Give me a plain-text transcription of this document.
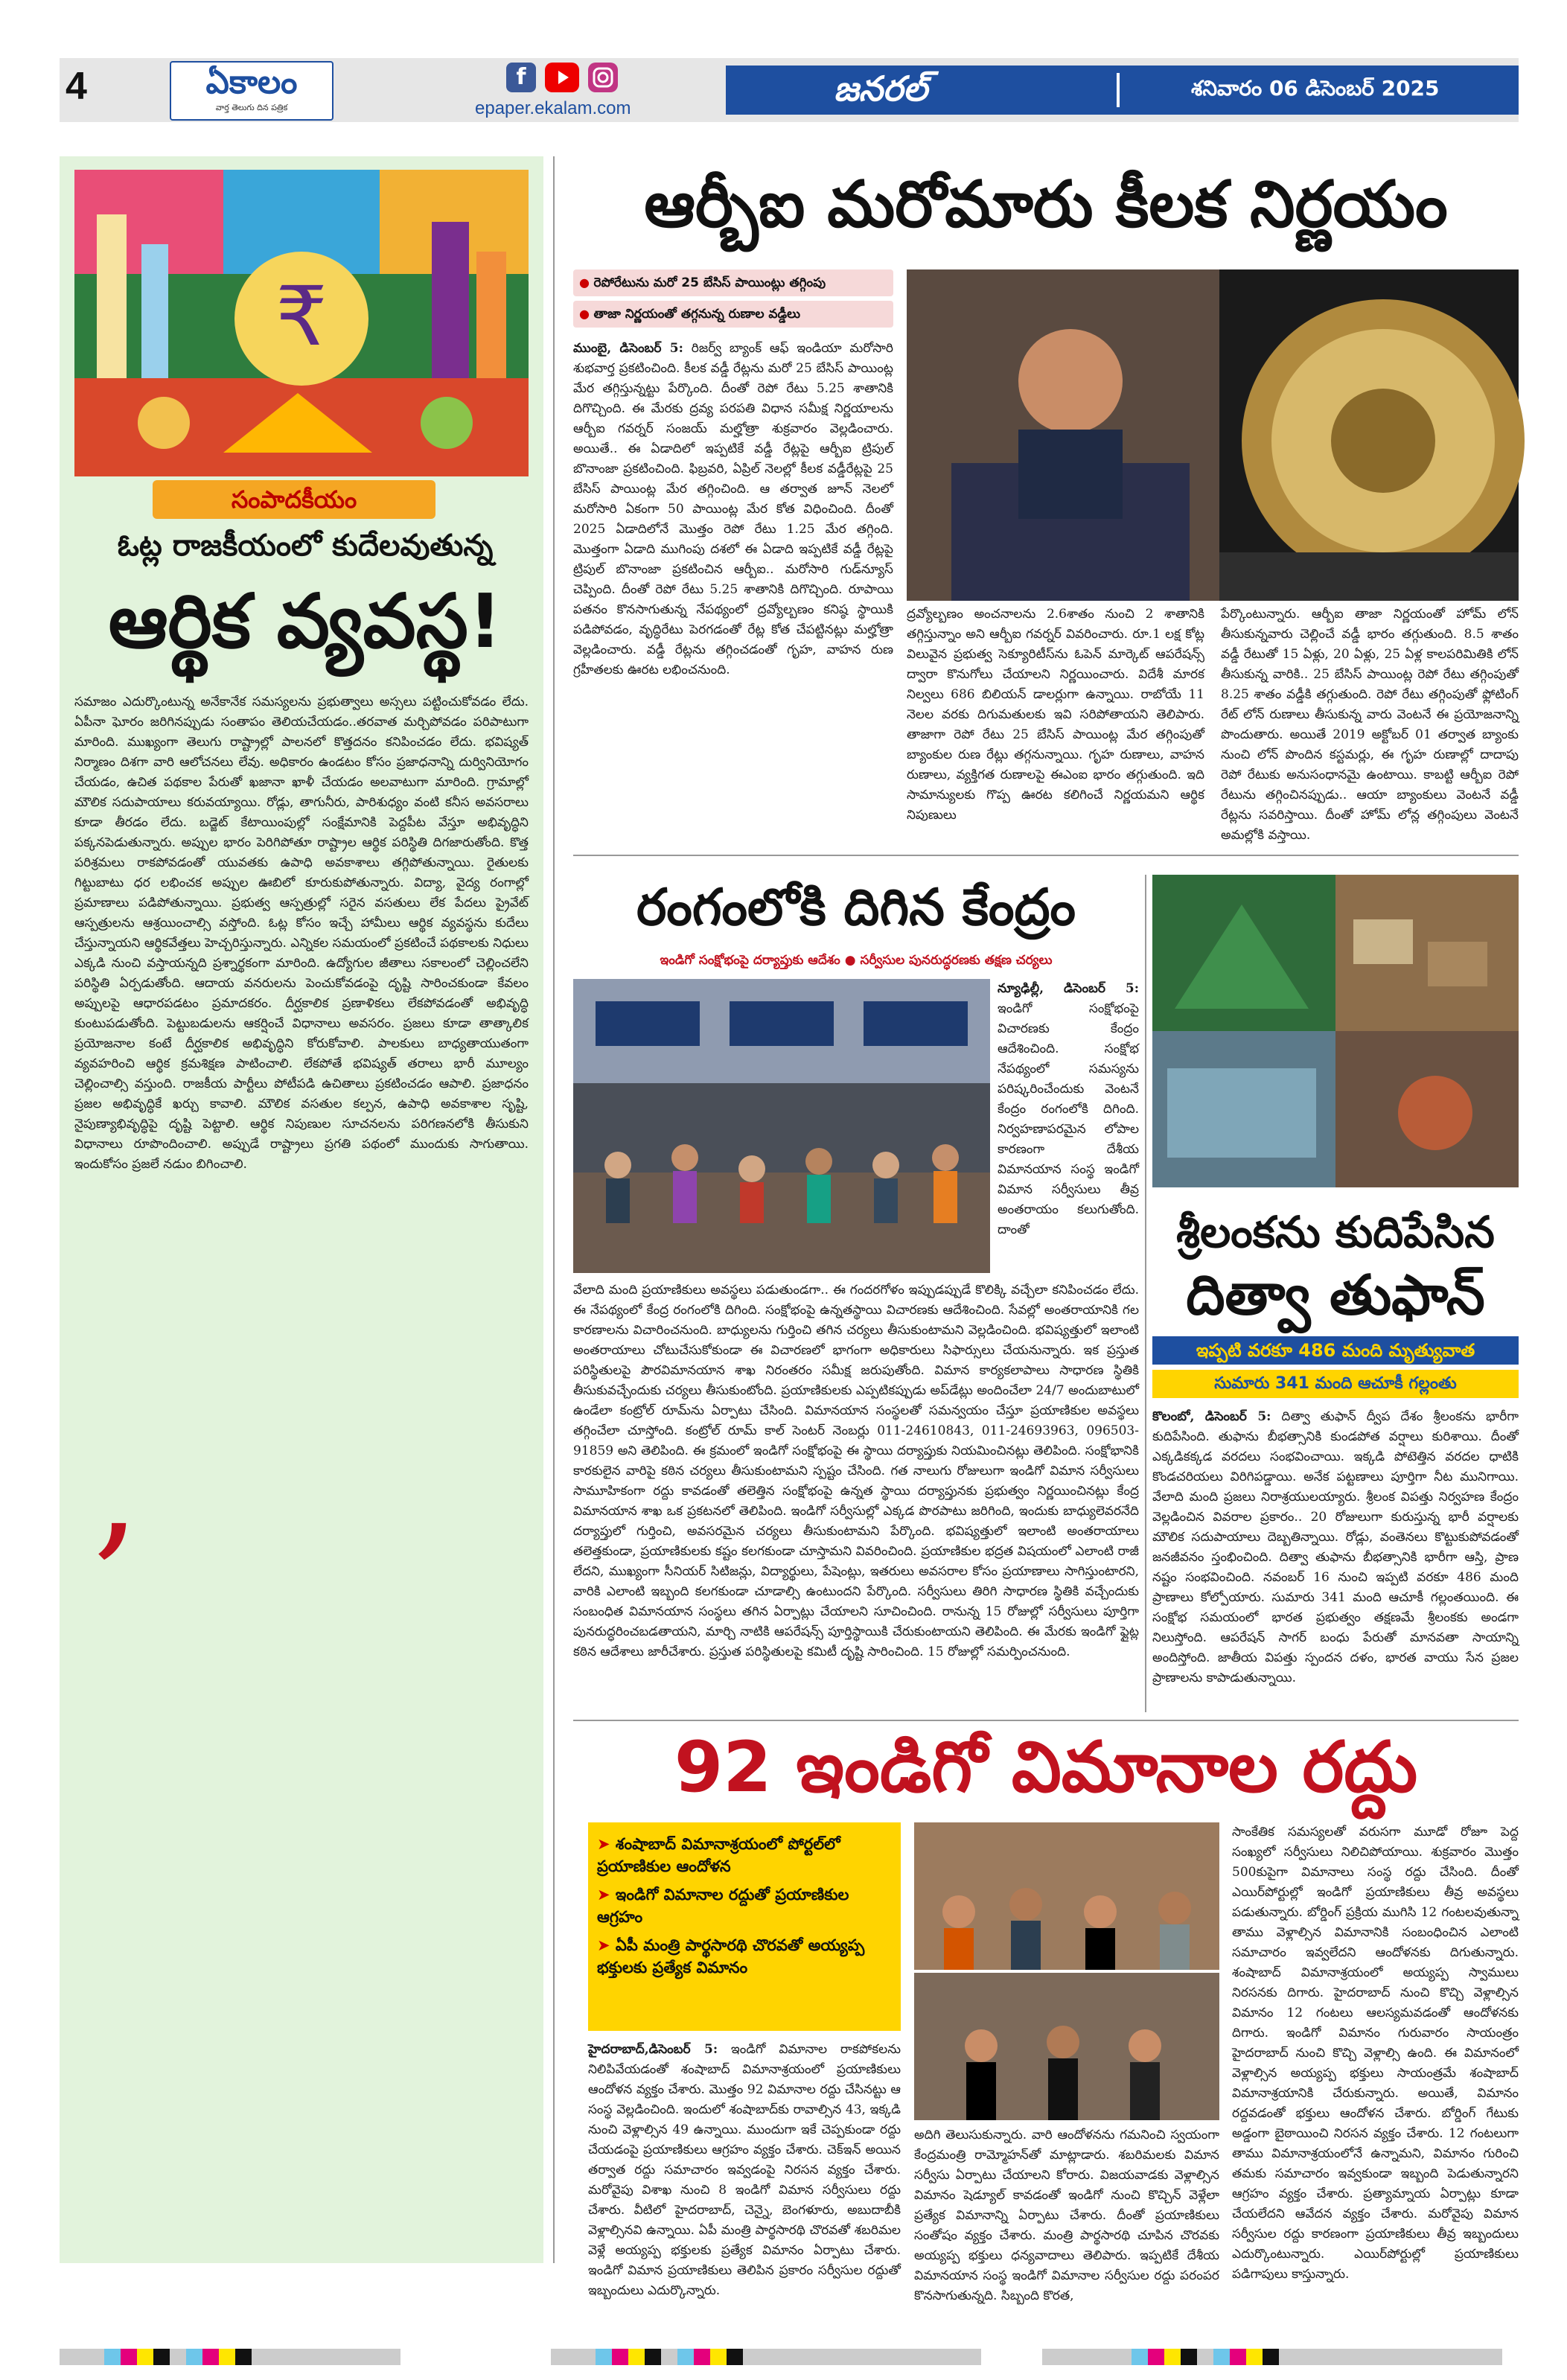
4	ఏకాలం
వార్త తెలుగు దిన పత్రిక
f
epaper.ekalam.com	జనరల్	శనివారం 06 డిసెంబర్ 2025
₹
సంపాదకీయం
ఓట్ల రాజకీయంలో కుదేలవుతున్న
ఆర్థిక వ్యవస్థ!
సమాజం ఎదుర్కొంటున్న అనేకానేక సమస్యలను ప్రభుత్వాలు అస్సలు పట్టించుకోవడం లేదు. ఏపీనా ఘోరం జరిగినప్పుడు సంతాపం తెలియచేయడం..తరవాత మర్చిపోవడం పరిపాటుగా మారింది. ముఖ్యంగా తెలుగు రాష్ట్రాల్లో పాలనలో కొత్తదనం కనిపించడం లేదు. భవిష్యత్ నిర్మాణం దిశగా వారి ఆలోచనలు లేవు. అధికారం ఉండటం కోసం ప్రజాధనాన్ని దుర్వినియోగం చేయడం, ఉచిత పథకాల పేరుతో ఖజానా ఖాళీ చేయడం అలవాటుగా మారింది. గ్రామాల్లో మౌలిక సదుపాయాలు కరువయ్యాయి. రోడ్లు, తాగునీరు, పారిశుధ్యం వంటి కనీస అవసరాలు కూడా తీరడం లేదు. బడ్జెట్ కేటాయింపుల్లో సంక్షేమానికి పెద్దపీట వేస్తూ అభివృద్ధిని పక్కనపెడుతున్నారు. అప్పుల భారం పెరిగిపోతూ రాష్ట్రాల ఆర్థిక పరిస్థితి దిగజారుతోంది. కొత్త పరిశ్రమలు రాకపోవడంతో యువతకు ఉపాధి అవకాశాలు తగ్గిపోతున్నాయి. రైతులకు గిట్టుబాటు ధర లభించక అప్పుల ఊబిలో కూరుకుపోతున్నారు. విద్యా, వైద్య రంగాల్లో ప్రమాణాలు పడిపోతున్నాయి. ప్రభుత్వ ఆస్పత్రుల్లో సరైన వసతులు లేక పేదలు ప్రైవేట్ ఆస్పత్రులను ఆశ్రయించాల్సి వస్తోంది. ఓట్ల కోసం ఇచ్చే హామీలు ఆర్థిక వ్యవస్థను కుదేలు చేస్తున్నాయని ఆర్థికవేత్తలు హెచ్చరిస్తున్నారు. ఎన్నికల సమయంలో ప్రకటించే పథకాలకు నిధులు ఎక్కడి నుంచి వస్తాయన్నది ప్రశ్నార్థకంగా మారింది. ఉద్యోగుల జీతాలు సకాలంలో చెల్లించలేని పరిస్థితి ఏర్పడుతోంది. ఆదాయ వనరులను పెంచుకోవడంపై దృష్టి సారించకుండా కేవలం అప్పులపై ఆధారపడటం ప్రమాదకరం. దీర్ఘకాలిక ప్రణాళికలు లేకపోవడంతో అభివృద్ధి కుంటుపడుతోంది. పెట్టుబడులను ఆకర్షించే విధానాలు అవసరం. ప్రజలు కూడా తాత్కాలిక ప్రయోజనాల కంటే దీర్ఘకాలిక అభివృద్ధిని కోరుకోవాలి. పాలకులు బాధ్యతాయుతంగా వ్యవహరించి ఆర్థిక క్రమశిక్షణ పాటించాలి. లేకపోతే భవిష్యత్ తరాలు భారీ మూల్యం చెల్లించాల్సి వస్తుంది. రాజకీయ పార్టీలు పోటీపడి ఉచితాలు ప్రకటించడం ఆపాలి. ప్రజాధనం ప్రజల అభివృద్ధికే ఖర్చు కావాలి. మౌలిక వసతుల కల్పన, ఉపాధి అవకాశాల సృష్టి, నైపుణ్యాభివృద్ధిపై దృష్టి పెట్టాలి. ఆర్థిక నిపుణుల సూచనలను పరిగణనలోకి తీసుకుని విధానాలు రూపొందించాలి. అప్పుడే రాష్ట్రాలు ప్రగతి పథంలో ముందుకు సాగుతాయి. ఇందుకోసం ప్రజలే నడుం బిగించాలి.
,
ఆర్బీఐ మరోమారు కీలక నిర్ణయం
● రెపోరేటును మరో 25 బేసిస్ పాయింట్లు తగ్గింపు
● తాజా నిర్ణయంతో తగ్గనున్న రుణాల వడ్డీలు
ముంబై, డిసెంబర్ 5: రిజర్వ్ బ్యాంక్ ఆఫ్ ఇండియా మరోసారి శుభవార్త ప్రకటించింది. కీలక వడ్డీ రేట్లను మరో 25 బేసిస్ పాయింట్ల మేర తగ్గిస్తున్నట్టు పేర్కొంది. దీంతో రెపో రేటు 5.25 శాతానికి దిగొచ్చింది. ఈ మేరకు ద్రవ్య పరపతి విధాన సమీక్ష నిర్ణయాలను ఆర్బీఐ గవర్నర్ సంజయ్ మల్హోత్రా శుక్రవారం వెల్లడించారు. అయితే.. ఈ ఏడాదిలో ఇప్పటికే వడ్డీ రేట్లపై ఆర్బీఐ ట్రిపుల్ బొనాంజా ప్రకటించింది. ఫిబ్రవరి, ఏప్రిల్ నెలల్లో కీలక వడ్డీరేట్లపై 25 బేసిస్ పాయింట్ల మేర తగ్గించింది. ఆ తర్వాత జూన్ నెలలో మరోసారి ఏకంగా 50 పాయింట్ల మేర కోత విధించింది. దీంతో 2025 ఏడాదిలోనే మొత్తం రెపో రేటు 1.25 మేర తగ్గింది. మొత్తంగా ఏడాది ముగింపు దశలో ఈ ఏడాది ఇప్పటికే వడ్డీ రేట్లపై ట్రిపుల్ బొనాంజా ప్రకటించిన ఆర్బీఐ.. మరోసారి గుడ్‌న్యూస్ చెప్పింది. దీంతో రెపో రేటు 5.25 శాతానికి దిగొచ్చింది. రూపాయి పతనం కొనసాగుతున్న నేపథ్యంలో ద్రవ్యోల్బణం కనిష్ఠ స్థాయికి పడిపోవడం, వృద్ధిరేటు పెరగడంతో రేట్ల కోత చేపట్టినట్లు మల్హోత్రా వెల్లడించారు. వడ్డీ రేట్లను తగ్గించడంతో గృహ, వాహన రుణ గ్రహీతలకు ఊరట లభించనుంది.
ద్రవ్యోల్బణం అంచనాలను 2.6శాతం నుంచి 2 శాతానికి తగ్గిస్తున్నాం అని ఆర్బీఐ గవర్నర్ వివరించారు. రూ.1 లక్ష కోట్ల విలువైన ప్రభుత్వ సెక్యూరిటీస్‌ను ఓపెన్ మార్కెట్ ఆపరేషన్స్ ద్వారా కొనుగోలు చేయాలని నిర్ణయించారు. విదేశీ మారక నిల్వలు 686 బిలియన్ డాలర్లుగా ఉన్నాయి. రాబోయే 11 నెలల వరకు దిగుమతులకు ఇవి సరిపోతాయని తెలిపారు. తాజాగా రెపో రేటు 25 బేసిస్ పాయింట్ల మేర తగ్గింపుతో బ్యాంకుల రుణ రేట్లు తగ్గనున్నాయి. గృహ రుణాలు, వాహన రుణాలు, వ్యక్తిగత రుణాలపై ఈఎంఐ భారం తగ్గుతుంది. ఇది సామాన్యులకు గొప్ప ఊరట కలిగించే నిర్ణయమని ఆర్థిక నిపుణులు
పేర్కొంటున్నారు. ఆర్బీఐ తాజా నిర్ణయంతో హోమ్ లోన్ తీసుకున్నవారు చెల్లించే వడ్డీ భారం తగ్గుతుంది. 8.5 శాతం వడ్డీ రేటుతో 15 ఏళ్లు, 20 ఏళ్లు, 25 ఏళ్ల కాలపరిమితికి లోన్ తీసుకున్న వారికి.. 25 బేసిస్ పాయింట్ల రెపో రేటు తగ్గింపుతో 8.25 శాతం వడ్డీకి తగ్గుతుంది. రెపో రేటు తగ్గింపుతో ఫ్లోటింగ్ రేట్ లోన్ రుణాలు తీసుకున్న వారు వెంటనే ఈ ప్రయోజనాన్ని పొందుతారు. అయితే 2019 అక్టోబర్ 01 తర్వాత బ్యాంకు నుంచి లోన్ పొందిన కస్టమర్లు, ఈ గృహ రుణాల్లో దాదాపు రెపో రేటుకు అనుసంధానమై ఉంటాయి. కాబట్టి ఆర్బీఐ రెపో రేటును తగ్గించినప్పుడు.. ఆయా బ్యాంకులు వెంటనే వడ్డీ రేట్లను సవరిస్తాయి. దీంతో హోమ్ లోన్ల తగ్గింపులు వెంటనే అమల్లోకి వస్తాయి.
రంగంలోకి దిగిన కేంద్రం
ఇండిగో సంక్షోభంపై దర్యాప్తుకు ఆదేశం ● సర్వీసుల పునరుద్ధరణకు తక్షణ చర్యలు
న్యూఢిల్లీ, డిసెంబర్ 5: ఇండిగో సంక్షోభంపై విచారణకు కేంద్రం ఆదేశించింది. సంక్షోభ నేపథ్యంలో సమస్యను పరిష్కరించేందుకు వెంటనే కేంద్రం రంగంలోకి దిగింది. నిర్వహణాపరమైన లోపాల కారణంగా దేశీయ విమానయాన సంస్థ ఇండిగో విమాన సర్వీసులు తీవ్ర అంతరాయం కలుగుతోంది. దాంతో
వేలాది మంది ప్రయాణికులు అవస్థలు పడుతుండగా.. ఈ గందరగోళం ఇప్పుడప్పుడే కొలిక్కి వచ్చేలా కనిపించడం లేదు. ఈ నేపథ్యంలో కేంద్ర రంగంలోకి దిగింది. సంక్షోభంపై ఉన్నతస్థాయి విచారణకు ఆదేశించింది. సేవల్లో అంతరాయానికి గల కారణాలను విచారించనుంది. బాధ్యులను గుర్తించి తగిన చర్యలు తీసుకుంటామని వెల్లడించింది. భవిష్యత్తులో ఇలాంటి అంతరాయాలు చోటుచేసుకోకుండా ఈ విచారణలో భాగంగా అధికారులు సిఫార్సులు చేయనున్నారు. ఇక ప్రస్తుత పరిస్థితులపై పౌరవిమానయాన శాఖ నిరంతరం సమీక్ష జరుపుతోంది. విమాన కార్యకలాపాలు సాధారణ స్థితికి తీసుకువచ్చేందుకు చర్యలు తీసుకుంటోంది. ప్రయాణికులకు ఎప్పటికప్పుడు అప్‌డేట్లు అందించేలా 24/7 అందుబాటులో ఉండేలా కంట్రోల్ రూమ్‌ను ఏర్పాటు చేసింది. విమానయాన సంస్థలతో సమన్వయం చేస్తూ ప్రయాణికుల అవస్థలు తగ్గించేలా చూస్తోంది. కంట్రోల్ రూమ్ కాల్ సెంటర్ నెంబర్లు 011-24610843, 011-24693963, 096503-91859 అని తెలిపింది. ఈ క్రమంలో ఇండిగో సంక్షోభంపై ఈ స్థాయి దర్యాప్తుకు నియమించినట్లు తెలిపింది. సంక్షోభానికి కారకులైన వారిపై కఠిన చర్యలు తీసుకుంటామని స్పష్టం చేసింది. గత నాలుగు రోజులుగా ఇండిగో విమాన సర్వీసులు సామూహికంగా రద్దు కావడంతో తలెత్తిన సంక్షోభంపై ఉన్నత స్థాయి దర్యాప్తునకు ప్రభుత్వం నిర్ణయించినట్లు కేంద్ర విమానయాన శాఖ ఒక ప్రకటనలో తెలిపింది. ఇండిగో సర్వీసుల్లో ఎక్కడ పొరపాటు జరిగింది, ఇందుకు బాధ్యులెవరనేది దర్యాప్తులో గుర్తించి, అవసరమైన చర్యలు తీసుకుంటామని పేర్కొంది. భవిష్యత్తులో ఇలాంటి అంతరాయాలు తలెత్తకుండా, ప్రయాణికులకు కష్టం కలగకుండా చూస్తామని వివరించింది. ప్రయాణికుల భద్రత విషయంలో ఎలాంటి రాజీ లేదని, ముఖ్యంగా సీనియర్ సిటిజన్లు, విద్యార్థులు, పేషెంట్లు, ఇతరులు అవసరాల కోసం ప్రయాణాలు సాగిస్తుంటారని, వారికి ఎలాంటి ఇబ్బంది కలగకుండా చూడాల్సి ఉంటుందని పేర్కొంది. సర్వీసులు తిరిగి సాధారణ స్థితికి వచ్చేందుకు సంబంధిత విమానయాన సంస్థలు తగిన ఏర్పాట్లు చేయాలని సూచించింది. రానున్న 15 రోజుల్లో సర్వీసులు పూర్తిగా పునరుద్ధరించబడతాయని, మార్చి నాటికి ఆపరేషన్స్ పూర్తిస్థాయికి చేరుకుంటాయని తెలిపింది. ఈ మేరకు ఇండిగో ఫ్లైట్ల కఠిన ఆదేశాలు జారీచేశారు. ప్రస్తుత పరిస్థితులపై కమిటీ దృష్టి సారించింది. 15 రోజుల్లో సమర్పించనుంది.
శ్రీలంకను కుదిపేసిన
దిత్వా తుఫాన్
ఇప్పటి వరకూ 486 మంది మృత్యువాత
సుమారు 341 మంది ఆచూకీ గల్లంతు
కొలంబో, డిసెంబర్ 5: దిత్వా తుఫాన్ ద్వీప దేశం శ్రీలంకను భారీగా కుదిపేసింది. తుఫాను బీభత్సానికి కుండపోత వర్షాలు కురిశాయి. దీంతో ఎక్కడికక్కడ వరదలు సంభవించాయి. ఇక్కడి పోటెత్తిన వరదల ధాటికి కొండచరియలు విరిగిపడ్డాయి. అనేక పట్టణాలు పూర్తిగా నీట మునిగాయి. వేలాది మంది ప్రజలు నిరాశ్రయులయ్యారు. శ్రీలంక విపత్తు నిర్వహణ కేంద్రం వెల్లడించిన వివరాల ప్రకారం.. 20 రోజులుగా కురుస్తున్న భారీ వర్షాలకు మౌలిక సదుపాయాలు దెబ్బతిన్నాయి. రోడ్లు, వంతెనలు కొట్టుకుపోవడంతో జనజీవనం స్తంభించింది. దిత్వా తుఫాను బీభత్సానికి భారీగా ఆస్తి, ప్రాణ నష్టం సంభవించింది. నవంబర్ 16 నుంచి ఇప్పటి వరకూ 486 మంది ప్రాణాలు కోల్పోయారు. సుమారు 341 మంది ఆచూకీ గల్లంతయింది. ఈ సంక్షోభ సమయంలో భారత ప్రభుత్వం తక్షణమే శ్రీలంకకు అండగా నిలుస్తోంది. ఆపరేషన్ సాగర్ బంధు పేరుతో మానవతా సాయాన్ని అందిస్తోంది. జాతీయ విపత్తు స్పందన దళం, భారత వాయు సేన ప్రజల ప్రాణాలను కాపాడుతున్నాయి.
92 ఇండిగో విమానాల రద్దు
➤ శంషాబాద్ విమానాశ్రయంలో పోర్టల్‌లో ప్రయాణికుల ఆందోళన
➤ ఇండిగో విమానాల రద్దుతో ప్రయాణికుల ఆగ్రహం
➤ ఏపీ మంత్రి పార్థసారథి చొరవతో అయ్యప్ప భక్తులకు ప్రత్యేక విమానం
హైదరాబాద్,డిసెంబర్ 5: ఇండిగో విమానాల రాకపోకలను నిలిపివేయడంతో శంషాబాద్ విమానాశ్రయంలో ప్రయాణికులు ఆందోళన వ్యక్తం చేశారు. మొత్తం 92 విమానాల రద్దు చేసినట్టు ఆ సంస్థ వెల్లడించింది. ఇందులో శంషాబాద్‌కు రావాల్సిన 43, ఇక్కడి నుంచి వెళ్లాల్సిన 49 ఉన్నాయి. ముందుగా ఇకే చెప్పకుండా రద్దు చేయడంపై ప్రయాణికులు ఆగ్రహం వ్యక్తం చేశారు. చెక్‌ఇన్ అయిన తర్వాత రద్దు సమాచారం ఇవ్వడంపై నిరసన వ్యక్తం చేశారు. మరోవైపు విశాఖ నుంచి 8 ఇండిగో విమాన సర్వీసులు రద్దు చేశారు. వీటిలో హైదరాబాద్, చెన్నై, బెంగళూరు, అబుదాబీకి వెళ్లాల్సినవి ఉన్నాయి. ఏపీ మంత్రి పార్థసారథి చొరవతో శబరిమల వెళ్లే అయ్యప్ప భక్తులకు ప్రత్యేక విమానం ఏర్పాటు చేశారు. ఇండిగో విమాన ప్రయాణికులు తెలిపిన ప్రకారం సర్వీసుల రద్దుతో ఇబ్బందులు ఎదుర్కొన్నారు.
అదిగి తెలుసుకున్నారు. వారి ఆందోళనను గమనించి స్వయంగా కేంద్రమంత్రి రామ్మోహన్‌తో మాట్లాడారు. శబరిమలకు విమాన సర్వీసు ఏర్పాటు చేయాలని కోరారు. విజయవాడకు వెళ్లాల్సిన విమానం షెడ్యూల్ కావడంతో ఇండిగో నుంచి కొచ్చిన్ వెళ్లేలా ప్రత్యేక విమానాన్ని ఏర్పాటు చేశారు. దీంతో ప్రయాణికులు సంతోషం వ్యక్తం చేశారు. మంత్రి పార్థసారథి చూపిన చొరవకు అయ్యప్ప భక్తులు ధన్యవాదాలు తెలిపారు. ఇప్పటికే దేశీయ విమానయాన సంస్థ ఇండిగో విమానాల సర్వీసుల రద్దు పరంపర కొనసాగుతున్నది. సిబ్బంది కొరత,
సాంకేతిక సమస్యలతో వరుసగా మూడో రోజూ పెద్ద సంఖ్యలో సర్వీసులు నిలిచిపోయాయి. శుక్రవారం మొత్తం 500కుపైగా విమానాలు సంస్థ రద్దు చేసింది. దీంతో ఎయిర్‌పోర్టుల్లో ఇండిగో ప్రయాణికులు తీవ్ర అవస్థలు పడుతున్నారు. బోర్డింగ్ ప్రక్రియ ముగిసి 12 గంటలవుతున్నా తాము వెళ్లాల్సిన విమానానికి సంబంధించిన ఎలాంటి సమాచారం ఇవ్వలేదని ఆందోళనకు దిగుతున్నారు. శంషాబాద్ విమానాశ్రయంలో అయ్యప్ప స్వాములు నిరసనకు దిగారు. హైదరాబాద్ నుంచి కొచ్చి వెళ్లాల్సిన విమానం 12 గంటలు ఆలస్యమవడంతో ఆందోళనకు దిగారు. ఇండిగో విమానం గురువారం సాయంత్రం హైదరాబాద్ నుంచి కొచ్చి వెళ్లాల్సి ఉంది. ఈ విమానంలో వెళ్లాల్సిన అయ్యప్ప భక్తులు సాయంత్రమే శంషాబాద్ విమానాశ్రయానికి చేరుకున్నారు. అయితే, విమానం రద్దవడంతో భక్తులు ఆందోళన చేశారు. బోర్డింగ్ గేటుకు అడ్డంగా బైఠాయించి నిరసన వ్యక్తం చేశారు. 12 గంటలుగా తాము విమానాశ్రయంలోనే ఉన్నామని, విమానం గురించి తమకు సమాచారం ఇవ్వకుండా ఇబ్బంది పెడుతున్నారని ఆగ్రహం వ్యక్తం చేశారు. ప్రత్యామ్నాయ ఏర్పాట్లు కూడా చేయలేదని ఆవేదన వ్యక్తం చేశారు. మరోవైపు విమాన సర్వీసుల రద్దు కారణంగా ప్రయాణికులు తీవ్ర ఇబ్బందులు ఎదుర్కొంటున్నారు. ఎయిర్‌పోర్టుల్లో ప్రయాణికులు పడిగాపులు కాస్తున్నారు.
